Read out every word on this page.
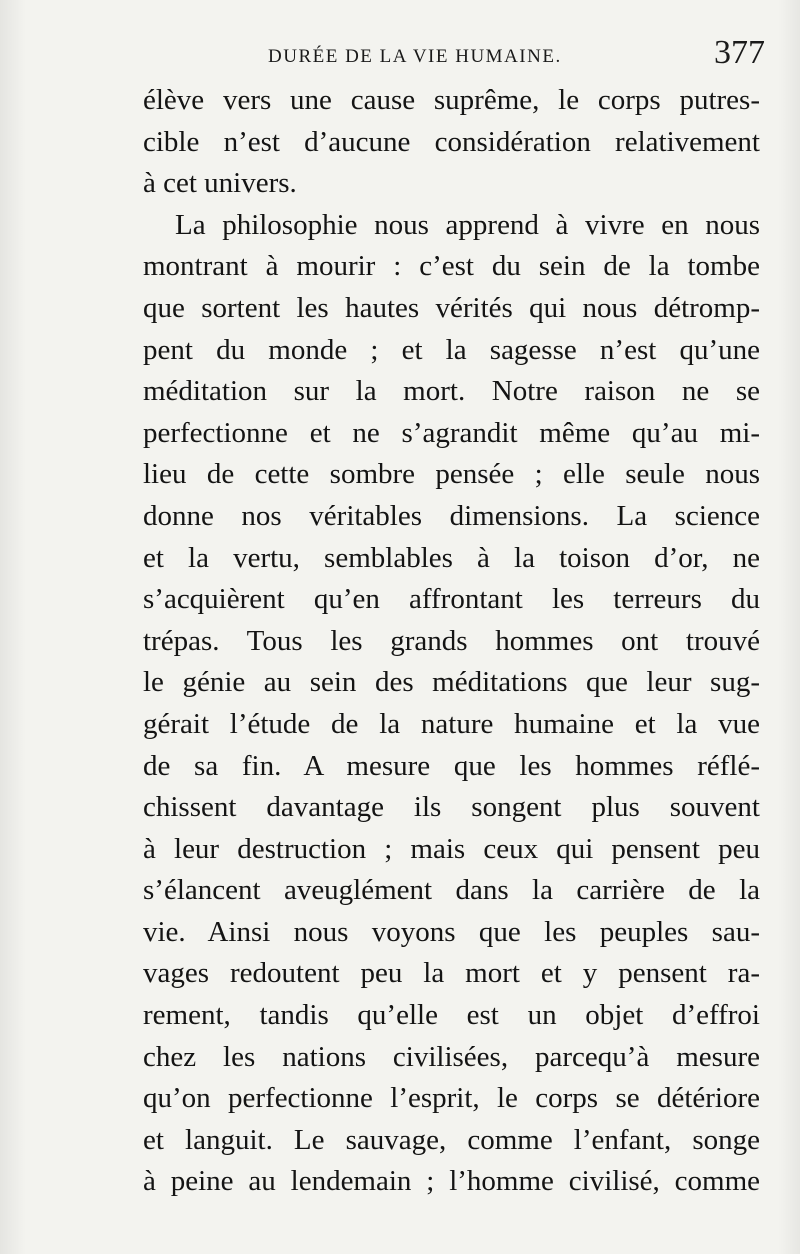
DURÉE DE LA VIE HUMAINE.	377
élève vers une cause suprême, le corps putres-
cible n’est d’aucune considération relativement
à cet univers.
La philosophie nous apprend à vivre en nous
montrant à mourir : c’est du sein de la tombe
que sortent les hautes vérités qui nous détromp-
pent du monde ; et la sagesse n’est qu’une
méditation sur la mort. Notre raison ne se
perfectionne et ne s’agrandit même qu’au mi-
lieu de cette sombre pensée ; elle seule nous
donne nos véritables dimensions. La science
et la vertu, semblables à la toison d’or, ne
s’acquièrent qu’en affrontant les terreurs du
trépas. Tous les grands hommes ont trouvé
le génie au sein des méditations que leur sug-
gérait l’étude de la nature humaine et la vue
de sa fin. A mesure que les hommes réflé-
chissent davantage ils songent plus souvent
à leur destruction ; mais ceux qui pensent peu
s’élancent aveuglément dans la carrière de la
vie. Ainsi nous voyons que les peuples sau-
vages redoutent peu la mort et y pensent ra-
rement, tandis qu’elle est un objet d’effroi
chez les nations civilisées, parcequ’à mesure
qu’on perfectionne l’esprit, le corps se détériore
et languit. Le sauvage, comme l’enfant, songe
à peine au lendemain ; l’homme civilisé, comme
